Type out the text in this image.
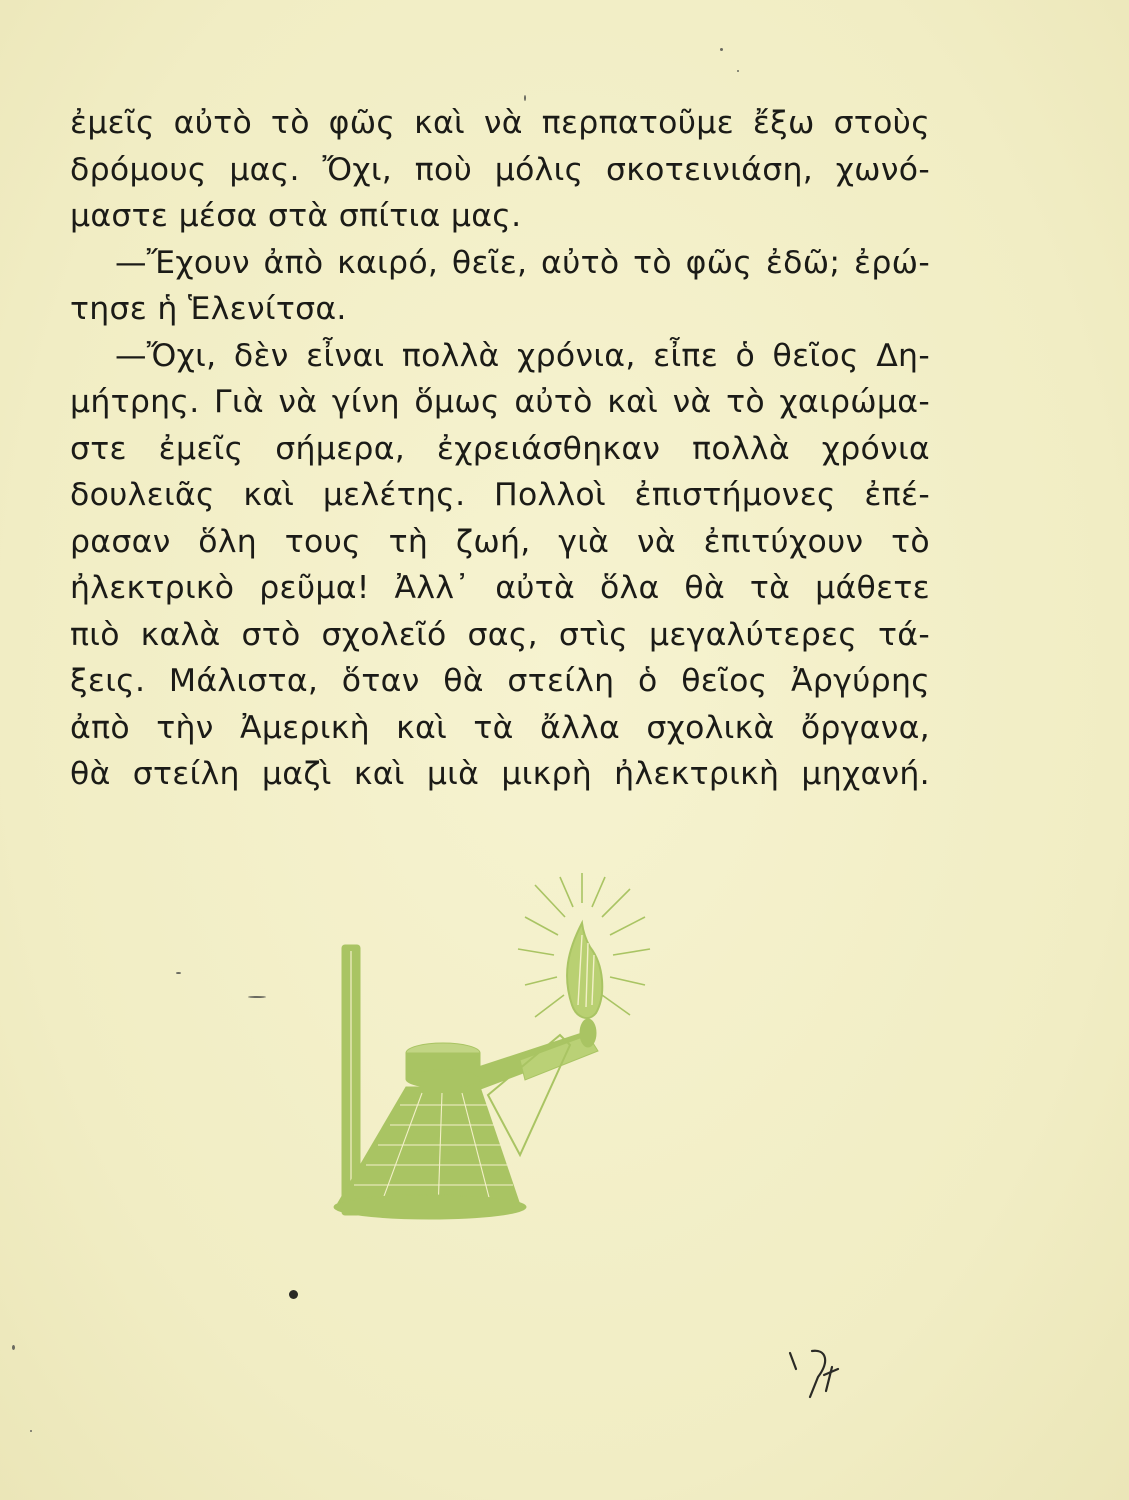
ἐμεῖς αὐτὸ τὸ φῶς καὶ νὰ περπατοῦμε ἔξω στοὺς
δρόμους μας. Ὄχι, ποὺ μόλις σκοτεινιάση, χωνό-
μαστε μέσα στὰ σπίτια μας.
—Ἔχουν ἀπὸ καιρό, θεῖε, αὐτὸ τὸ φῶς ἐδῶ; ἐρώ-
τησε ἡ Ἑλενίτσα.
—Ὄχι, δὲν εἶναι πολλὰ χρόνια, εἶπε ὁ θεῖος Δη-
μήτρης. Γιὰ νὰ γίνη ὅμως αὐτὸ καὶ νὰ τὸ χαιρώμα-
στε ἐμεῖς σήμερα, ἐχρειάσθηκαν πολλὰ χρόνια
δουλειᾶς καὶ μελέτης. Πολλοὶ ἐπιστήμονες ἐπέ-
ρασαν ὅλη τους τὴ ζωή, γιὰ νὰ ἐπιτύχουν τὸ
ἠλεκτρικὸ ρεῦμα! Ἀλλ᾽ αὐτὰ ὅλα θὰ τὰ μάθετε
πιὸ καλὰ στὸ σχολεῖό σας, στὶς μεγαλύτερες τά-
ξεις. Μάλιστα, ὅταν θὰ στείλη ὁ θεῖος Ἀργύρης
ἀπὸ τὴν Ἀμερικὴ καὶ τὰ ἄλλα σχολικὰ ὄργανα,
θὰ στείλη μαζὶ καὶ μιὰ μικρὴ ἠλεκτρικὴ μηχανή.
